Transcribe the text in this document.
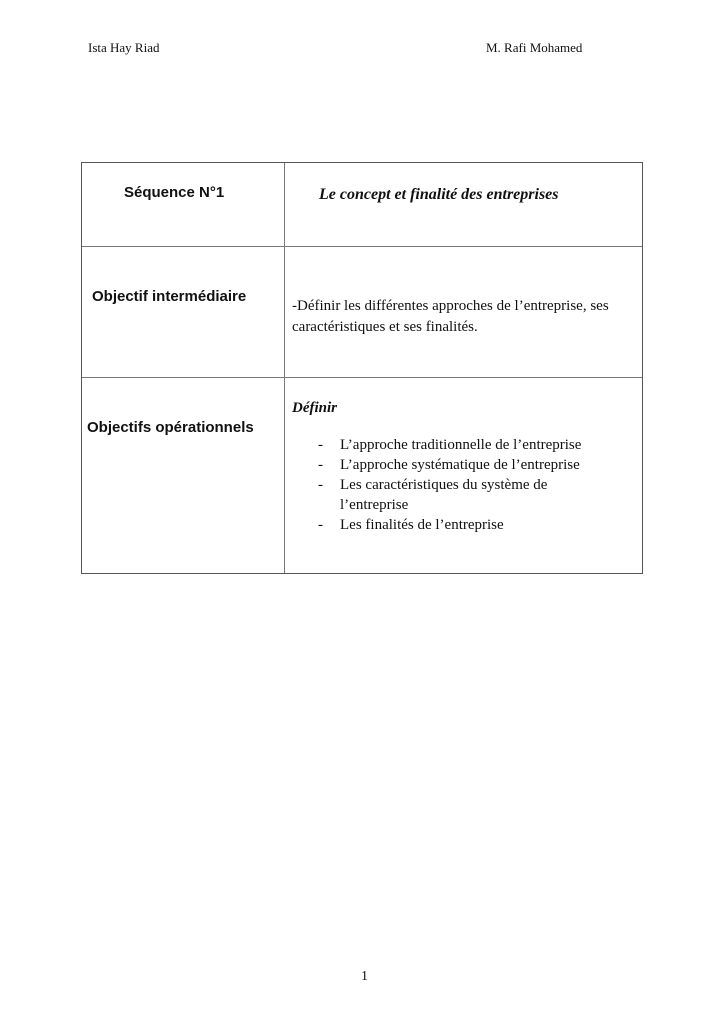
Ista Hay Riad	M. Rafi Mohamed
Séquence N°1	Le concept et finalité des entreprises
Objectif intermédiaire
-Définir les différentes approches de l’entreprise, ses caractéristiques et ses finalités.
Objectifs opérationnels
Définir
- L’approche traditionnelle de l’entreprise
- L’approche systématique de l’entreprise
- Les caractéristiques du système de l’entreprise
- Les finalités de l’entreprise
1
